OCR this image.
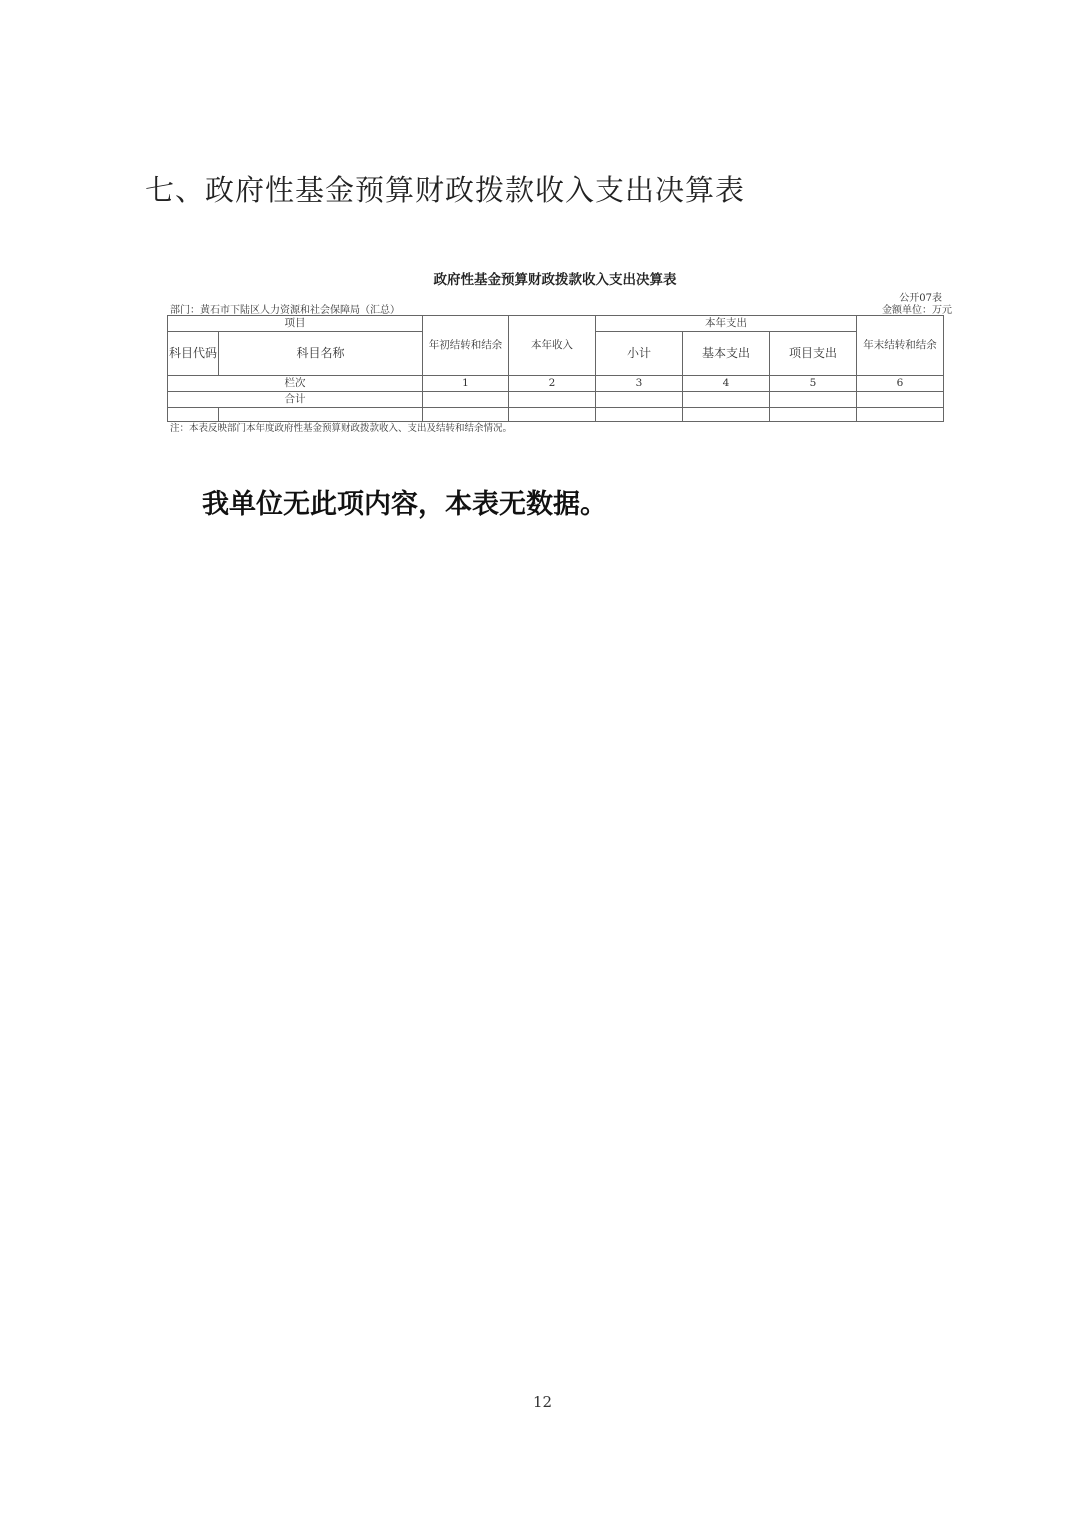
七、政府性基金预算财政拨款收入支出决算表
政府性基金预算财政拨款收入支出决算表
公开07表
部门：黄石市下陆区人力资源和社会保障局（汇总）	金额单位：万元
项目		年初结转和结余	本年收入	本年支出			年末结转和结余
科目代码	科目名称			小计	基本支出	项目支出	
栏次		1	2	3	4	5	6
合计							

注：本表反映部门本年度政府性基金预算财政拨款收入、支出及结转和结余情况。
我单位无此项内容，本表无数据。
12
